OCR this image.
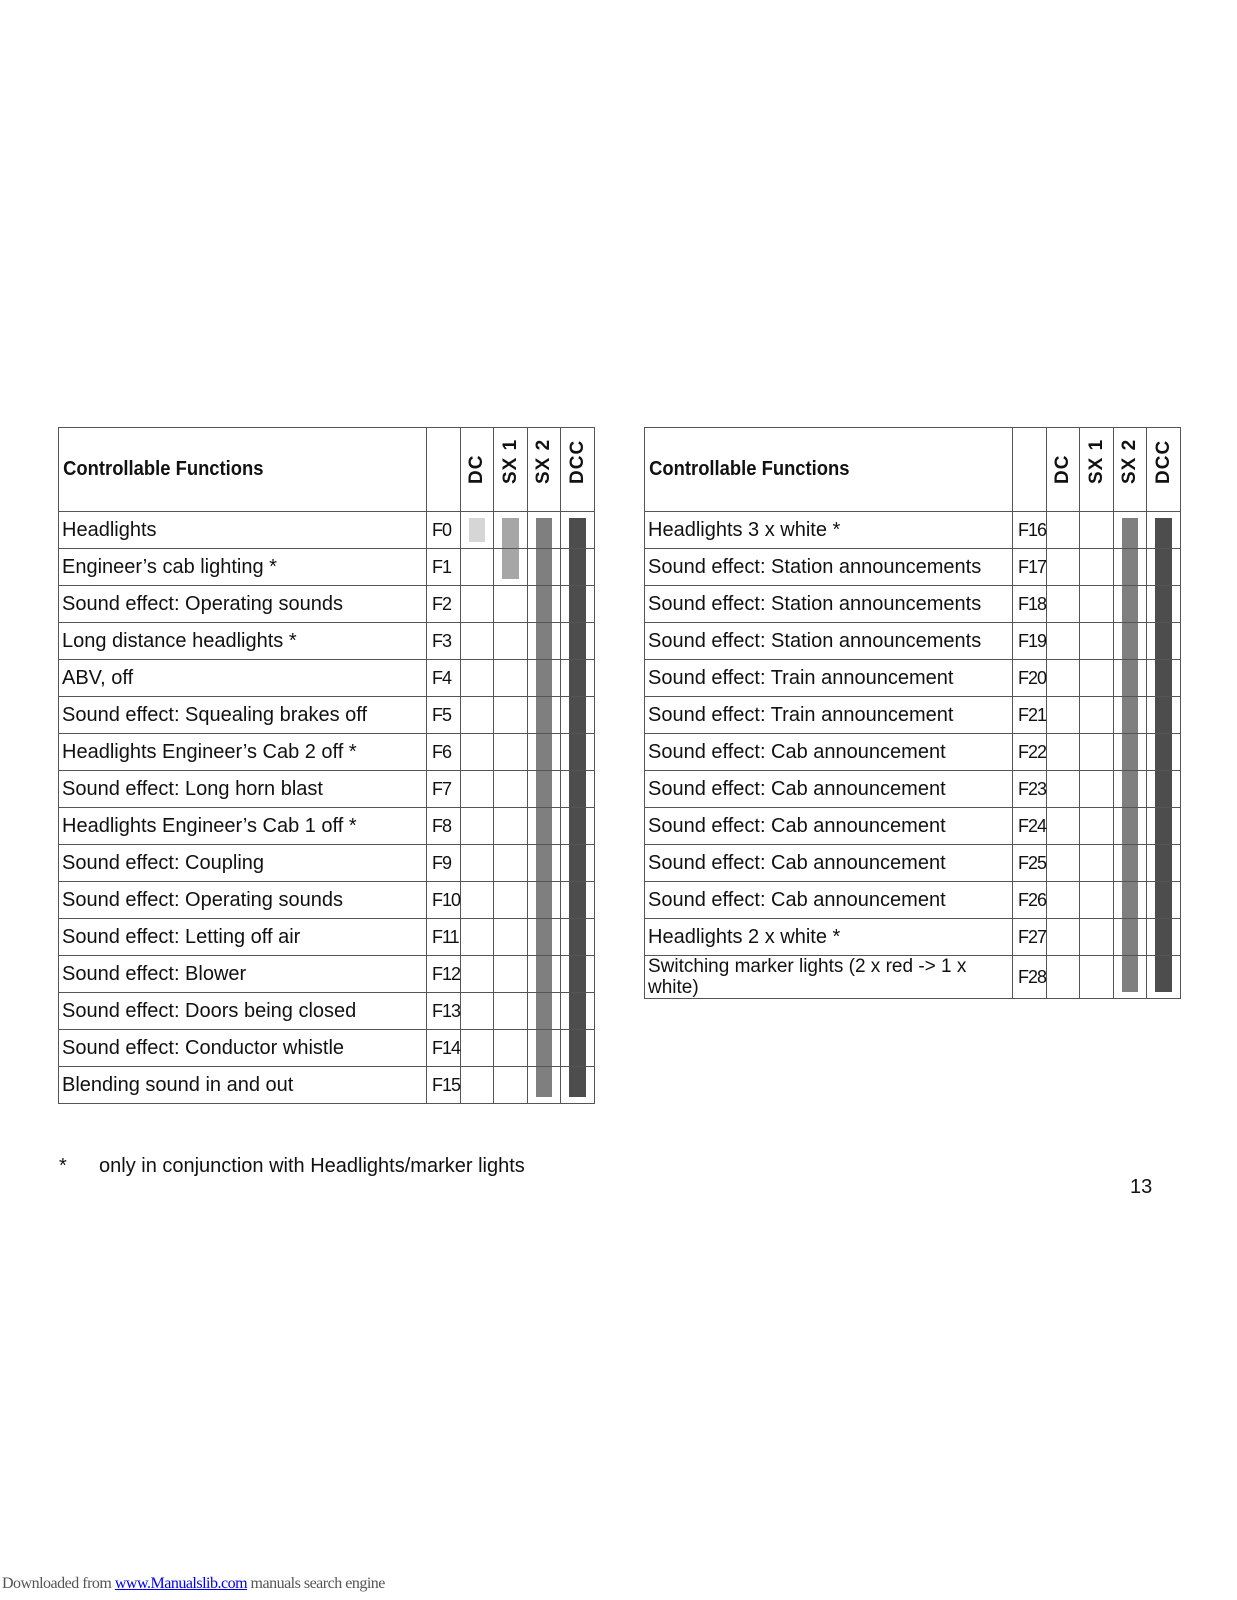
Controllable Functions		DC	SX 1	SX 2	DCC

Headlights	F0	

Engineer’s cab lighting *	F1		

Sound effect: Operating sounds	F2			

Long distance headlights *	F3			

ABV, off	F4			

Sound effect: Squealing brakes off	F5			

Headlights Engineer’s Cab 2 off *	F6			

Sound effect: Long horn blast	F7			

Headlights Engineer’s Cab 1 off *	F8			

Sound effect: Coupling	F9			

Sound effect: Operating sounds	F10			

Sound effect: Letting off air	F11			

Sound effect: Blower	F12			

Sound effect: Doors being closed	F13			

Sound effect: Conductor whistle	F14			

Blending sound in and out	F15			

Controllable Functions		DC	SX 1	SX 2	DCC

Headlights 3 x white *	F16			

Sound effect: Station announcements	F17			

Sound effect: Station announcements	F18			

Sound effect: Station announcements	F19			

Sound effect: Train announcement	F20			

Sound effect: Train announcement	F21			

Sound effect: Cab announcement	F22			

Sound effect: Cab announcement	F23			

Sound effect: Cab announcement	F24			

Sound effect: Cab announcement	F25			

Sound effect: Cab announcement	F26			

Headlights 2 x white *	F27			

Switching marker lights (2 x red -> 1 x white)	F28			

* only in conjunction with Headlights/marker lights
13
Downloaded from www.Manualslib.com manuals search engine
